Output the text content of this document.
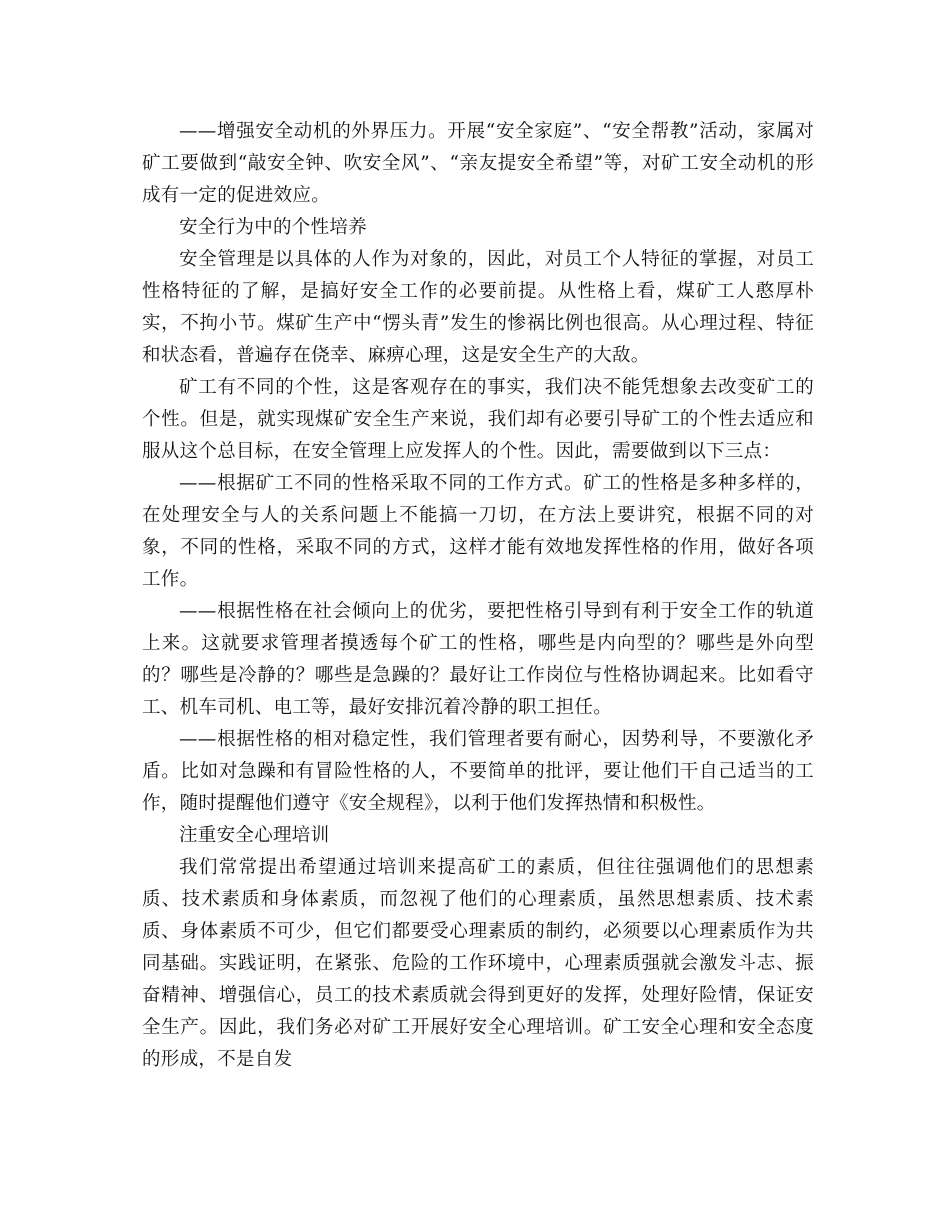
——增强安全动机的外界压力。开展“安全家庭”、“安全帮教”活动，家属对矿工要做到“敲安全钟、吹安全风”、“亲友提安全希望”等，对矿工安全动机的形成有一定的促进效应。

安全行为中的个性培养

安全管理是以具体的人作为对象的，因此，对员工个人特征的掌握，对员工性格特征的了解，是搞好安全工作的必要前提。从性格上看，煤矿工人憨厚朴实，不拘小节。煤矿生产中“愣头青”发生的惨祸比例也很高。从心理过程、特征和状态看，普遍存在侥幸、麻痹心理，这是安全生产的大敌。

矿工有不同的个性，这是客观存在的事实，我们决不能凭想象去改变矿工的个性。但是，就实现煤矿安全生产来说，我们却有必要引导矿工的个性去适应和服从这个总目标，在安全管理上应发挥人的个性。因此，需要做到以下三点：

——根据矿工不同的性格采取不同的工作方式。矿工的性格是多种多样的，在处理安全与人的关系问题上不能搞一刀切，在方法上要讲究，根据不同的对象，不同的性格，采取不同的方式，这样才能有效地发挥性格的作用，做好各项工作。

——根据性格在社会倾向上的优劣，要把性格引导到有利于安全工作的轨道上来。这就要求管理者摸透每个矿工的性格，哪些是内向型的？哪些是外向型的？哪些是冷静的？哪些是急躁的？最好让工作岗位与性格协调起来。比如看守工、机车司机、电工等，最好安排沉着冷静的职工担任。

——根据性格的相对稳定性，我们管理者要有耐心，因势利导，不要激化矛盾。比如对急躁和有冒险性格的人，不要简单的批评，要让他们干自己适当的工作，随时提醒他们遵守《安全规程》，以利于他们发挥热情和积极性。

注重安全心理培训

我们常常提出希望通过培训来提高矿工的素质，但往往强调他们的思想素质、技术素质和身体素质，而忽视了他们的心理素质，虽然思想素质、技术素质、身体素质不可少，但它们都要受心理素质的制约，必须要以心理素质作为共同基础。实践证明，在紧张、危险的工作环境中，心理素质强就会激发斗志、振奋精神、增强信心，员工的技术素质就会得到更好的发挥，处理好险情，保证安全生产。因此，我们务必对矿工开展好安全心理培训。矿工安全心理和安全态度的形成，不是自发
